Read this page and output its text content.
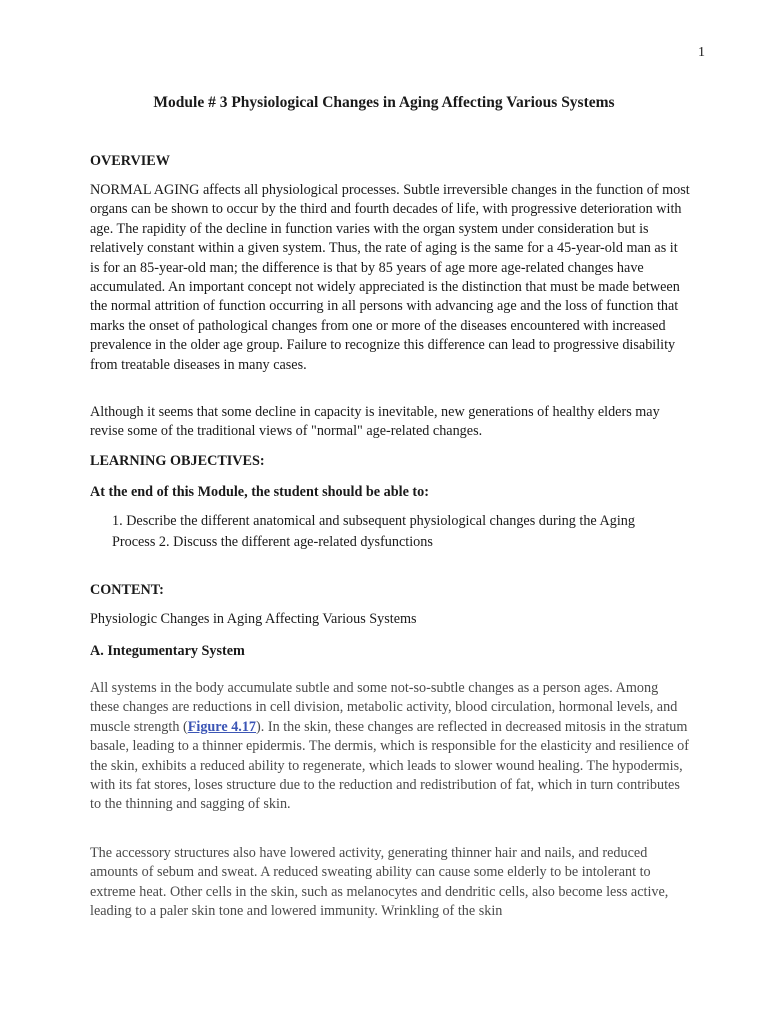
1
Module # 3 Physiological Changes in Aging Affecting Various Systems
OVERVIEW

NORMAL AGING affects all physiological processes. Subtle irreversible changes in the function of most organs can be shown to occur by the third and fourth decades of life, with progressive deterioration with age. The rapidity of the decline in function varies with the organ system under consideration but is relatively constant within a given system. Thus, the rate of aging is the same for a 45-year-old man as it is for an 85-year-old man; the difference is that by 85 years of age more age-related changes have accumulated. An important concept not widely appreciated is the distinction that must be made between the normal attrition of function occurring in all persons with advancing age and the loss of function that marks the onset of pathological changes from one or more of the diseases encountered with increased prevalence in the older age group. Failure to recognize this difference can lead to progressive disability from treatable diseases in many cases.

Although it seems that some decline in capacity is inevitable, new generations of healthy elders may revise some of the traditional views of "normal" age-related changes.

LEARNING OBJECTIVES:
At the end of this Module, the student should be able to:
1. Describe the different anatomical and subsequent physiological changes during the Aging Process 2. Discuss the different age-related dysfunctions
CONTENT:
Physiologic Changes in Aging Affecting Various Systems
A. Integumentary System

All systems in the body accumulate subtle and some not-so-subtle changes as a person ages. Among these changes are reductions in cell division, metabolic activity, blood circulation, hormonal levels, and muscle strength (Figure 4.17). In the skin, these changes are reflected in decreased mitosis in the stratum basale, leading to a thinner epidermis. The dermis, which is responsible for the elasticity and resilience of the skin, exhibits a reduced ability to regenerate, which leads to slower wound healing. The hypodermis, with its fat stores, loses structure due to the reduction and redistribution of fat, which in turn contributes to the thinning and sagging of skin.

The accessory structures also have lowered activity, generating thinner hair and nails, and reduced amounts of sebum and sweat. A reduced sweating ability can cause some elderly to be intolerant to extreme heat. Other cells in the skin, such as melanocytes and dendritic cells, also become less active, leading to a paler skin tone and lowered immunity. Wrinkling of the skin
